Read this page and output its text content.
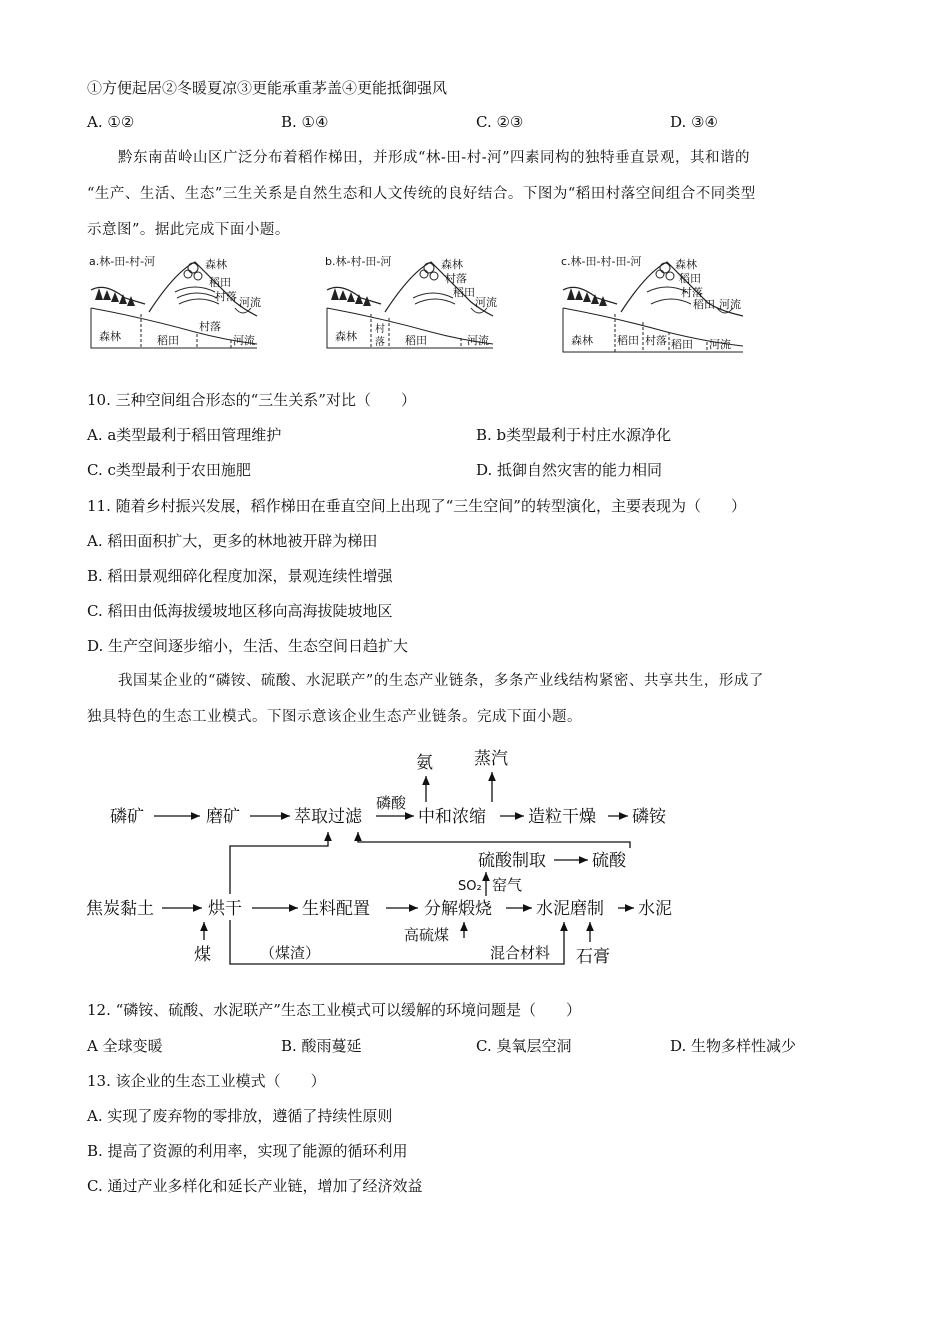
①方便起居②冬暖夏凉③更能承重茅盖④更能抵御强风
A. ①②	B. ①④	C. ②③	D. ③④
黔东南苗岭山区广泛分布着稻作梯田，并形成“林-田-村-河”四素同构的独特垂直景观，其和谐的
“生产、生活、生态”三生关系是自然生态和人文传统的良好结合。下图为“稻田村落空间组合不同类型
示意图”。据此完成下面小题。
a.林-田-村-河	森林
稻田
村落 河流
森林	稻田
村落
河流
b.林-村-田-河	森林
村落
稻田
河流
森林
村
落 稻田	河流
c.林-田-村-田-河	森林
稻田
村落
稻田 河流
森林 稻田 村落 稻田 河流
10. 三种空间组合形态的“三生关系”对比（　　）
A. a类型最利于稻田管理维护	B. b类型最利于村庄水源净化
C. c类型最利于农田施肥	D. 抵御自然灾害的能力相同
11. 随着乡村振兴发展，稻作梯田在垂直空间上出现了“三生空间”的转型演化，主要表现为（　　）
A. 稻田面积扩大，更多的林地被开辟为梯田
B. 稻田景观细碎化程度加深，景观连续性增强
C. 稻田由低海拔缓坡地区移向高海拔陡坡地区
D. 生产空间逐步缩小，生活、生态空间日趋扩大
我国某企业的“磷铵、硫酸、水泥联产”的生态产业链条，多条产业线结构紧密、共享共生，形成了
独具特色的生态工业模式。下图示意该企业生态产业链条。完成下面小题。
磷矿	磨矿	萃取过滤
磷酸
中和浓缩 造粒干燥 磷铵
氨 蒸汽
硫酸制取	硫酸
SO₂ 窑气
焦炭黏土	烘干	生料配置	分解煅烧	水泥磨制 水泥
煤	（煤渣）
高硫煤
混合材料 石膏
12. “磷铵、硫酸、水泥联产”生态工业模式可以缓解的环境问题是（　　）
A 全球变暖	B. 酸雨蔓延	C. 臭氧层空洞	D. 生物多样性减少
13. 该企业的生态工业模式（　　）
A. 实现了废弃物的零排放，遵循了持续性原则
B. 提高了资源的利用率，实现了能源的循环利用
C. 通过产业多样化和延长产业链，增加了经济效益
